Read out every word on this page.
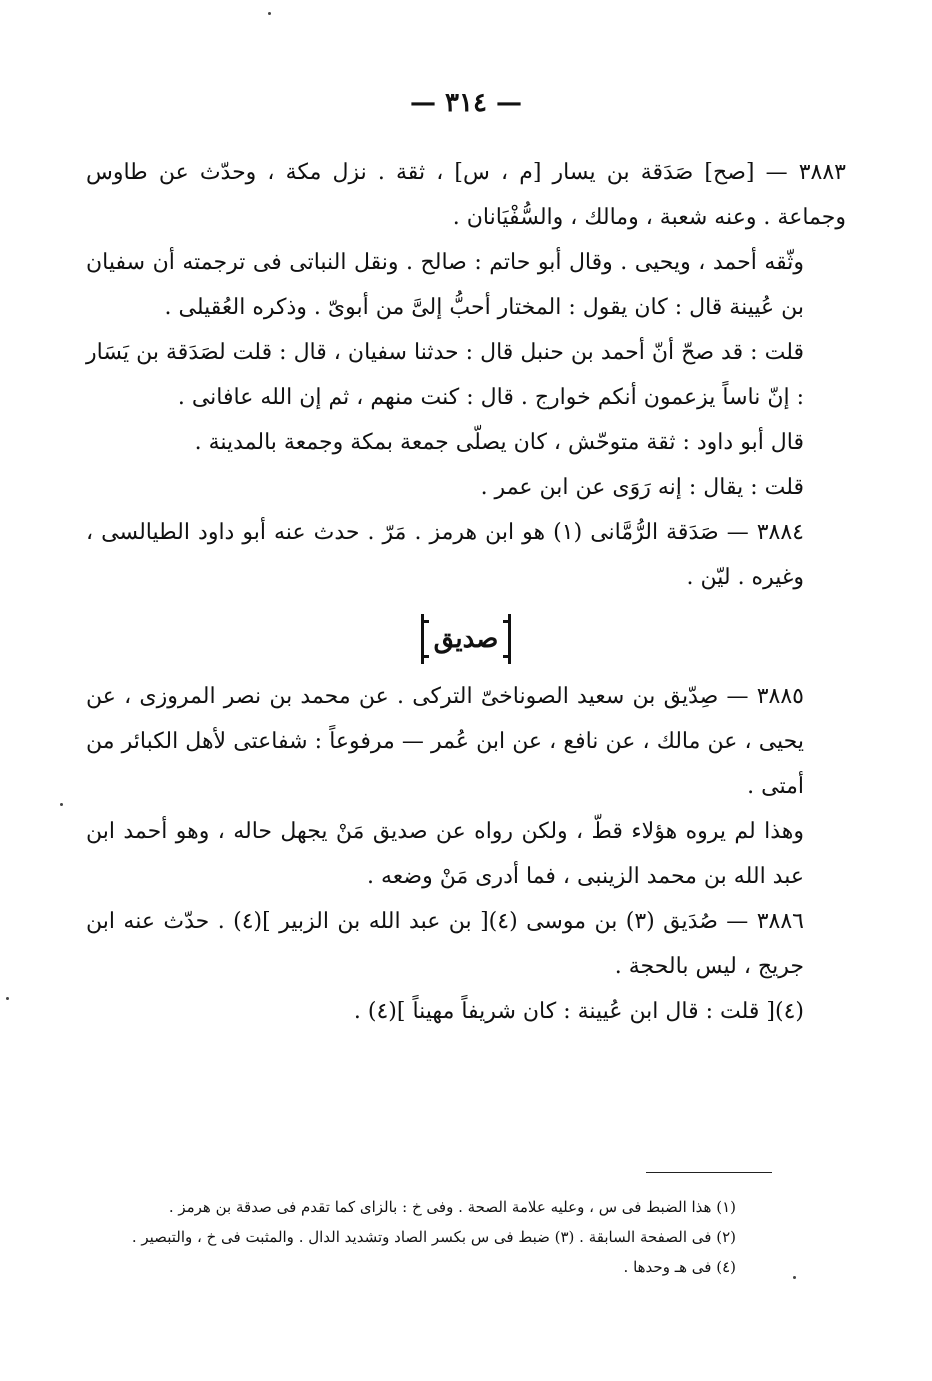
— ٣١٤ —

٣٨٨٣ — [صح] صَدَقة بن يسار [م ، س] ، ثقة . نزل مكة ، وحدّث عن طاوس وجماعة . وعنه شعبة ، ومالك ، والسُّفْيَانان .

وثّقه أحمد ، ويحيى . وقال أبو حاتم : صالح . ونقل النباتى فى ترجمته أن سفيان بن عُيينة قال : كان يقول : المختار أحبُّ إلىَّ من أبوىّ . وذكره العُقيلى .

قلت : قد صحّ أنّ أحمد بن حنبل قال : حدثنا سفيان ، قال : قلت لصَدَقة بن يَسَار : إنّ ناساً يزعمون أنكم خوارج . قال : كنت منهم ، ثم إن الله عافانى .

قال أبو داود : ثقة متوحّش ، كان يصلّى جمعة بمكة وجمعة بالمدينة .

قلت : يقال : إنه رَوَى عن ابن عمر .

٣٨٨٤ — صَدَقة الرُّمَّانى (١) هو ابن هرمز . مَرّ . حدث عنه أبو داود الطيالسى ، وغيره . ليّن .

صديق

٣٨٨٥ — صِدّيق بن سعيد الصوناخىّ التركى . عن محمد بن نصر المروزى ، عن يحيى ، عن مالك ، عن نافع ، عن ابن عُمر — مرفوعاً : شفاعتى لأهل الكبائر من أمتى .

وهذا لم يروه هؤلاء قطّ ، ولكن رواه عن صديق مَنْ يجهل حاله ، وهو أحمد ابن عبد الله بن محمد الزينبى ، فما أدرى مَنْ وضعه .

٣٨٨٦ — صُدَيق (٣) بن موسى (٤)[ بن عبد الله بن الزبير ](٤) . حدّث عنه ابن جريج ، ليس بالحجة .

(٤)[ قلت : قال ابن عُيينة : كان شريفاً مهيناً ](٤) .

(١) هذا الضبط فى س ، وعليه علامة الصحة . وفى خ : بالزاى كما تقدم فى صدقة بن هرمز .

(٢) فى الصفحة السابقة . (٣) ضبط فى س بكسر الصاد وتشديد الدال . والمثبت فى خ ، والتبصير .

(٤) فى هـ وحدها .
